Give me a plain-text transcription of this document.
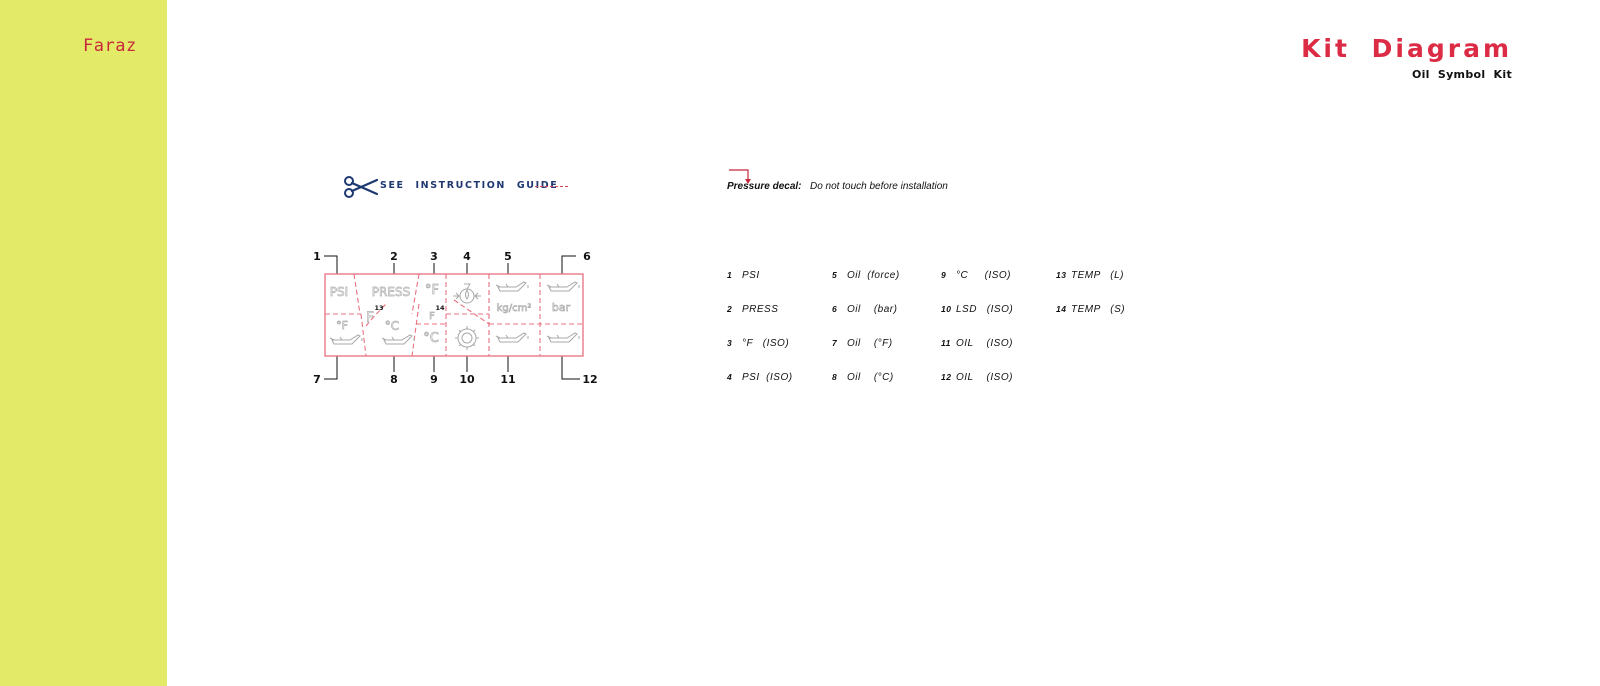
Faraz	Kit Diagram
Oil Symbol Kit
SEE INSTRUCTION GUIDE	Pressure decal: Do not touch before installation
1	2	3 4	5	6
7	8	9 10 11	12
PSI PRESS °F
kg/cm² bar
°F	°C
°C
F	F
13	14
1 PSI
2 PRESS
3 °F   (ISO)
4 PSI  (ISO)
5 Oil  (force)
6 Oil    (bar)
7 Oil    (°F)
8 Oil    (°C)
9 °C     (ISO)
10 LSD   (ISO)
11 OIL    (ISO)
12 OIL    (ISO)
13 TEMP   (L)
14 TEMP   (S)
